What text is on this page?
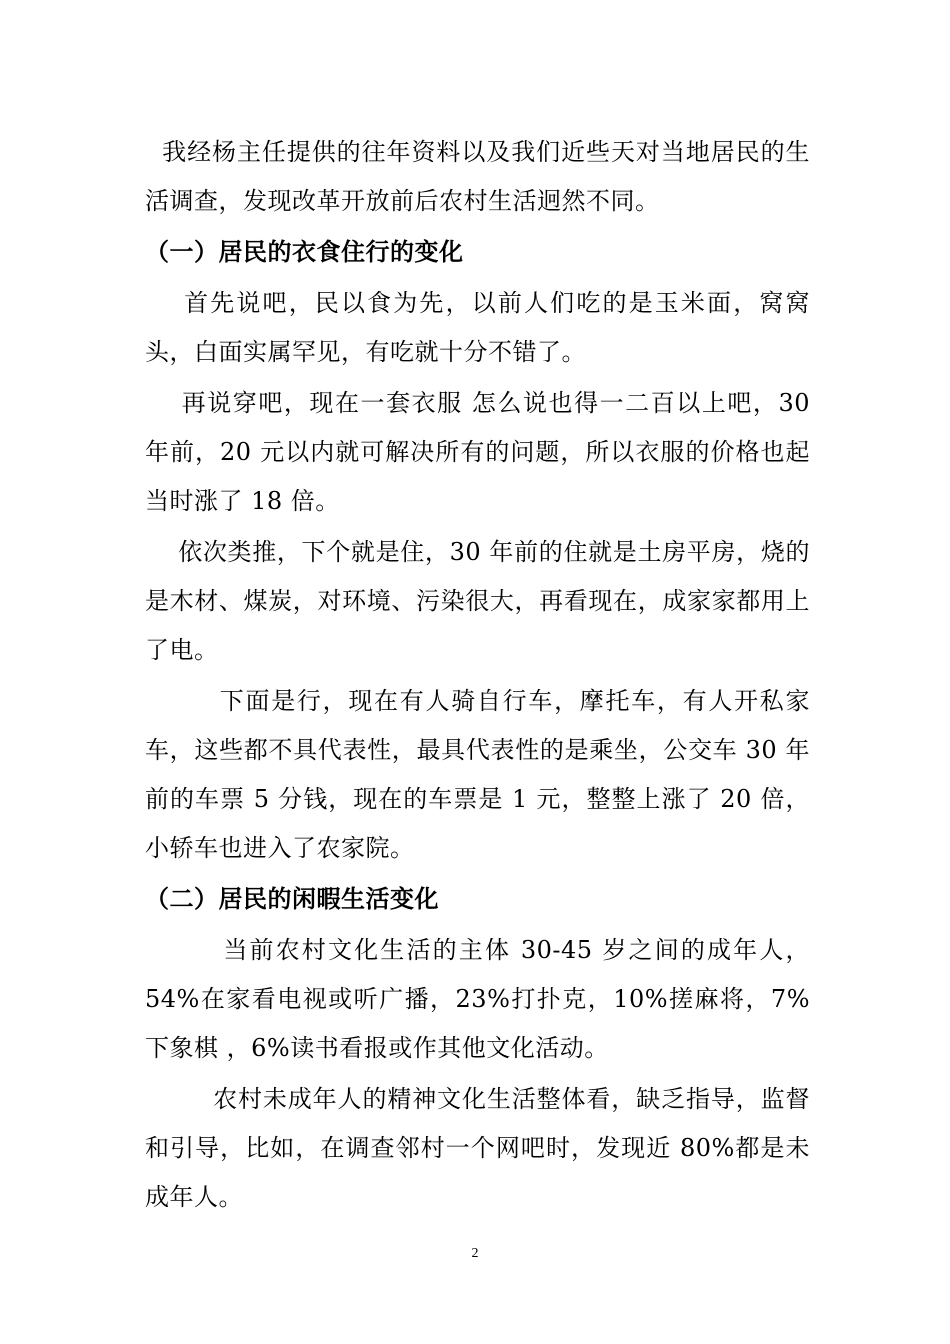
我经杨主任提供的往年资料以及我们近些天对当地居民的生活调查，发现改革开放前后农村生活迥然不同。

（一）居民的衣食住行的变化

首先说吧，民以食为先，以前人们吃的是玉米面，窝窝头，白面实属罕见，有吃就十分不错了。

再说穿吧，现在一套衣服 怎么说也得一二百以上吧，30 年前，20 元以内就可解决所有的问题，所以衣服的价格也起当时涨了 18 倍。

依次类推，下个就是住，30 年前的住就是土房平房，烧的是木材、煤炭，对环境、污染很大，再看现在，成家家都用上了电。

下面是行，现在有人骑自行车，摩托车，有人开私家车，这些都不具代表性，最具代表性的是乘坐，公交车 30 年前的车票 5 分钱，现在的车票是 1 元，整整上涨了 20 倍，小轿车也进入了农家院。

（二）居民的闲暇生活变化

当前农村文化生活的主体 30-45 岁之间的成年人，54%在家看电视或听广播，23%打扑克，10%搓麻将，7%下象棋 ，6%读书看报或作其他文化活动。

农村未成年人的精神文化生活整体看，缺乏指导，监督和引导，比如，在调查邻村一个网吧时，发现近 80%都是未成年人。

2
